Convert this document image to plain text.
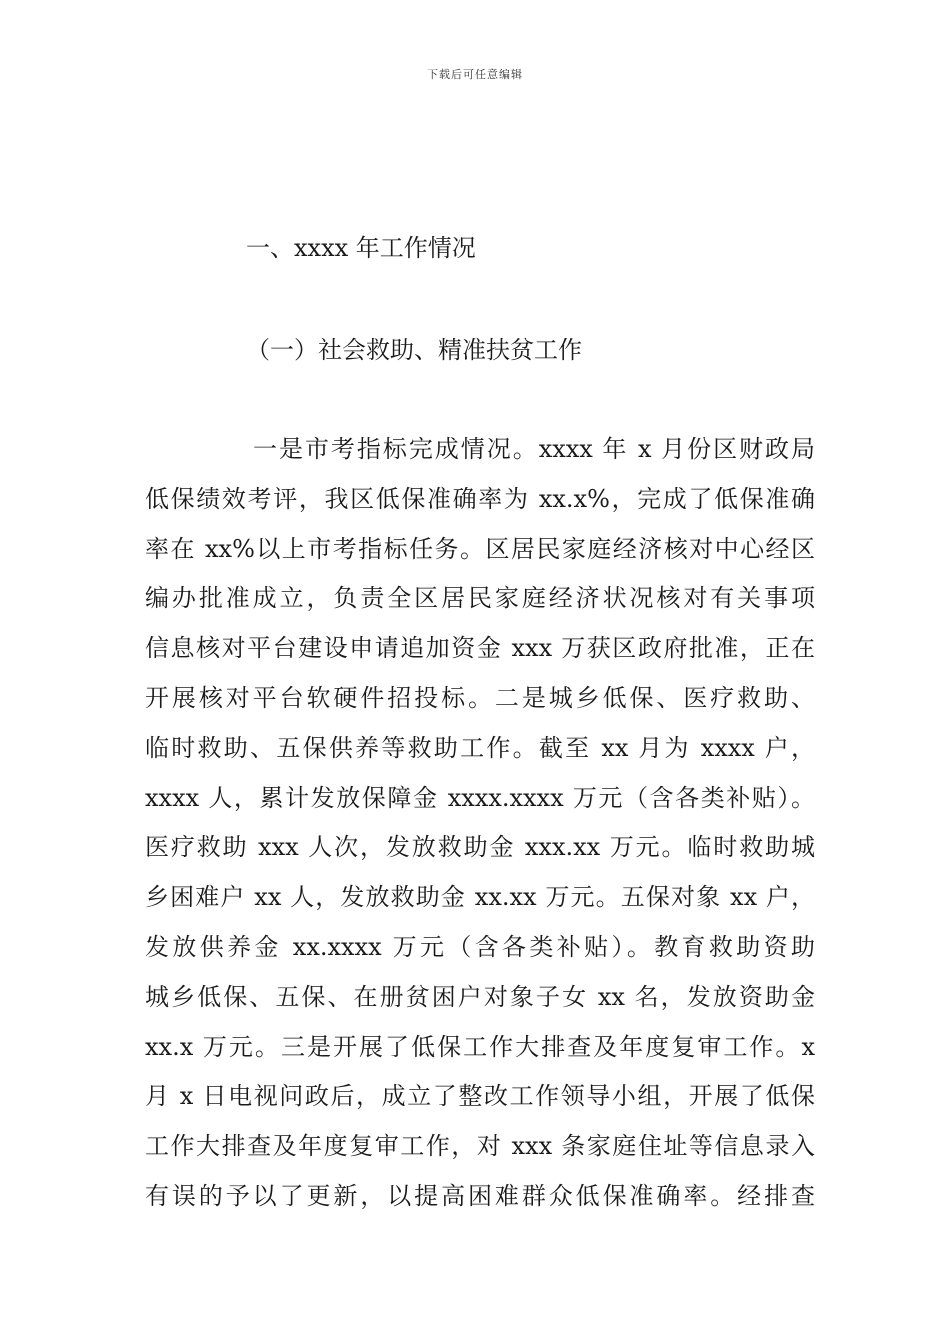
下载后可任意编辑
一、xxxx 年工作情况
（一）社会救助、精准扶贫工作
一是市考指标完成情况。xxxx 年 x 月份区财政局
低保绩效考评，我区低保准确率为 xx.x%，完成了低保准确
率在 xx%以上市考指标任务。区居民家庭经济核对中心经区
编办批准成立，负责全区居民家庭经济状况核对有关事项
信息核对平台建设申请追加资金 xxx 万获区政府批准，正在
开展核对平台软硬件招投标。二是城乡低保、医疗救助、
临时救助、五保供养等救助工作。截至 xx 月为 xxxx 户，
xxxx 人，累计发放保障金 xxxx.xxxx 万元（含各类补贴）。
医疗救助 xxx 人次，发放救助金 xxx.xx 万元。临时救助城
乡困难户 xx 人，发放救助金 xx.xx 万元。五保对象 xx 户，
发放供养金 xx.xxxx 万元（含各类补贴）。教育救助资助
城乡低保、五保、在册贫困户对象子女 xx 名，发放资助金
xx.x 万元。三是开展了低保工作大排查及年度复审工作。x
月 x 日电视问政后，成立了整改工作领导小组，开展了低保
工作大排查及年度复审工作，对 xxx 条家庭住址等信息录入
有误的予以了更新，以提高困难群众低保准确率。经排查
